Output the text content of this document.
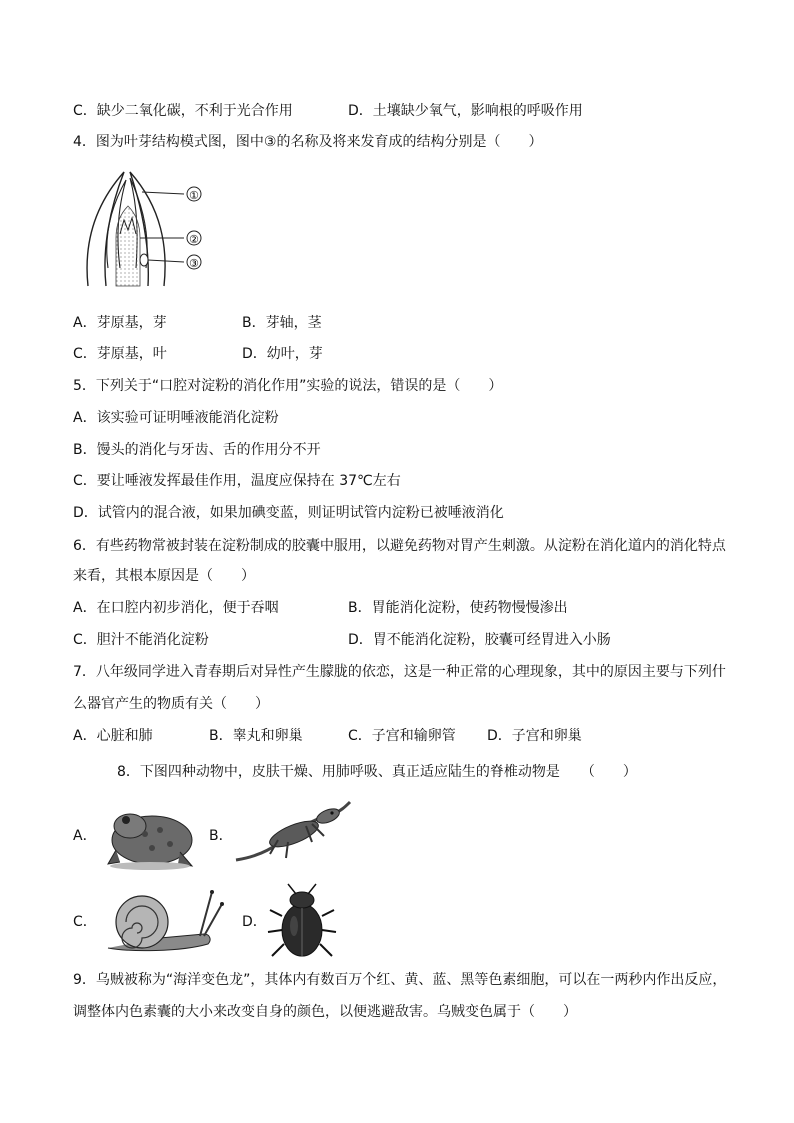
C．缺少二氧化碳，不利于光合作用	D．土壤缺少氧气，影响根的呼吸作用
4．图为叶芽结构模式图，图中③的名称及将来发育成的结构分别是（　　）
①
②
③
A．芽原基，芽	B．芽轴，茎
C．芽原基，叶	D．幼叶，芽
5．下列关于“口腔对淀粉的消化作用”实验的说法，错误的是（　　）
A．该实验可证明唾液能消化淀粉
B．馒头的消化与牙齿、舌的作用分不开
C．要让唾液发挥最佳作用，温度应保持在 37℃左右
D．试管内的混合液，如果加碘变蓝，则证明试管内淀粉已被唾液消化
6．有些药物常被封装在淀粉制成的胶囊中服用，以避免药物对胃产生刺激。从淀粉在消化道内的消化特点
来看，其根本原因是（　　）
A．在口腔内初步消化，便于吞咽	B．胃能消化淀粉，使药物慢慢渗出
C．胆汁不能消化淀粉	D．胃不能消化淀粉，胶囊可经胃进入小肠
7．八年级同学进入青春期后对异性产生朦胧的依恋，这是一种正常的心理现象，其中的原因主要与下列什
么器官产生的物质有关（　　）
A．心脏和肺	B．睾丸和卵巢	C．子宫和输卵管 D．子宫和卵巢
8．下图四种动物中，皮肤干燥、用肺呼吸、真正适应陆生的脊椎动物是　　（　　）
A．	B．
C．	D．
9．乌贼被称为“海洋变色龙”，其体内有数百万个红、黄、蓝、黑等色素细胞，可以在一两秒内作出反应，
调整体内色素囊的大小来改变自身的颜色，以便逃避敌害。乌贼变色属于（　　）
